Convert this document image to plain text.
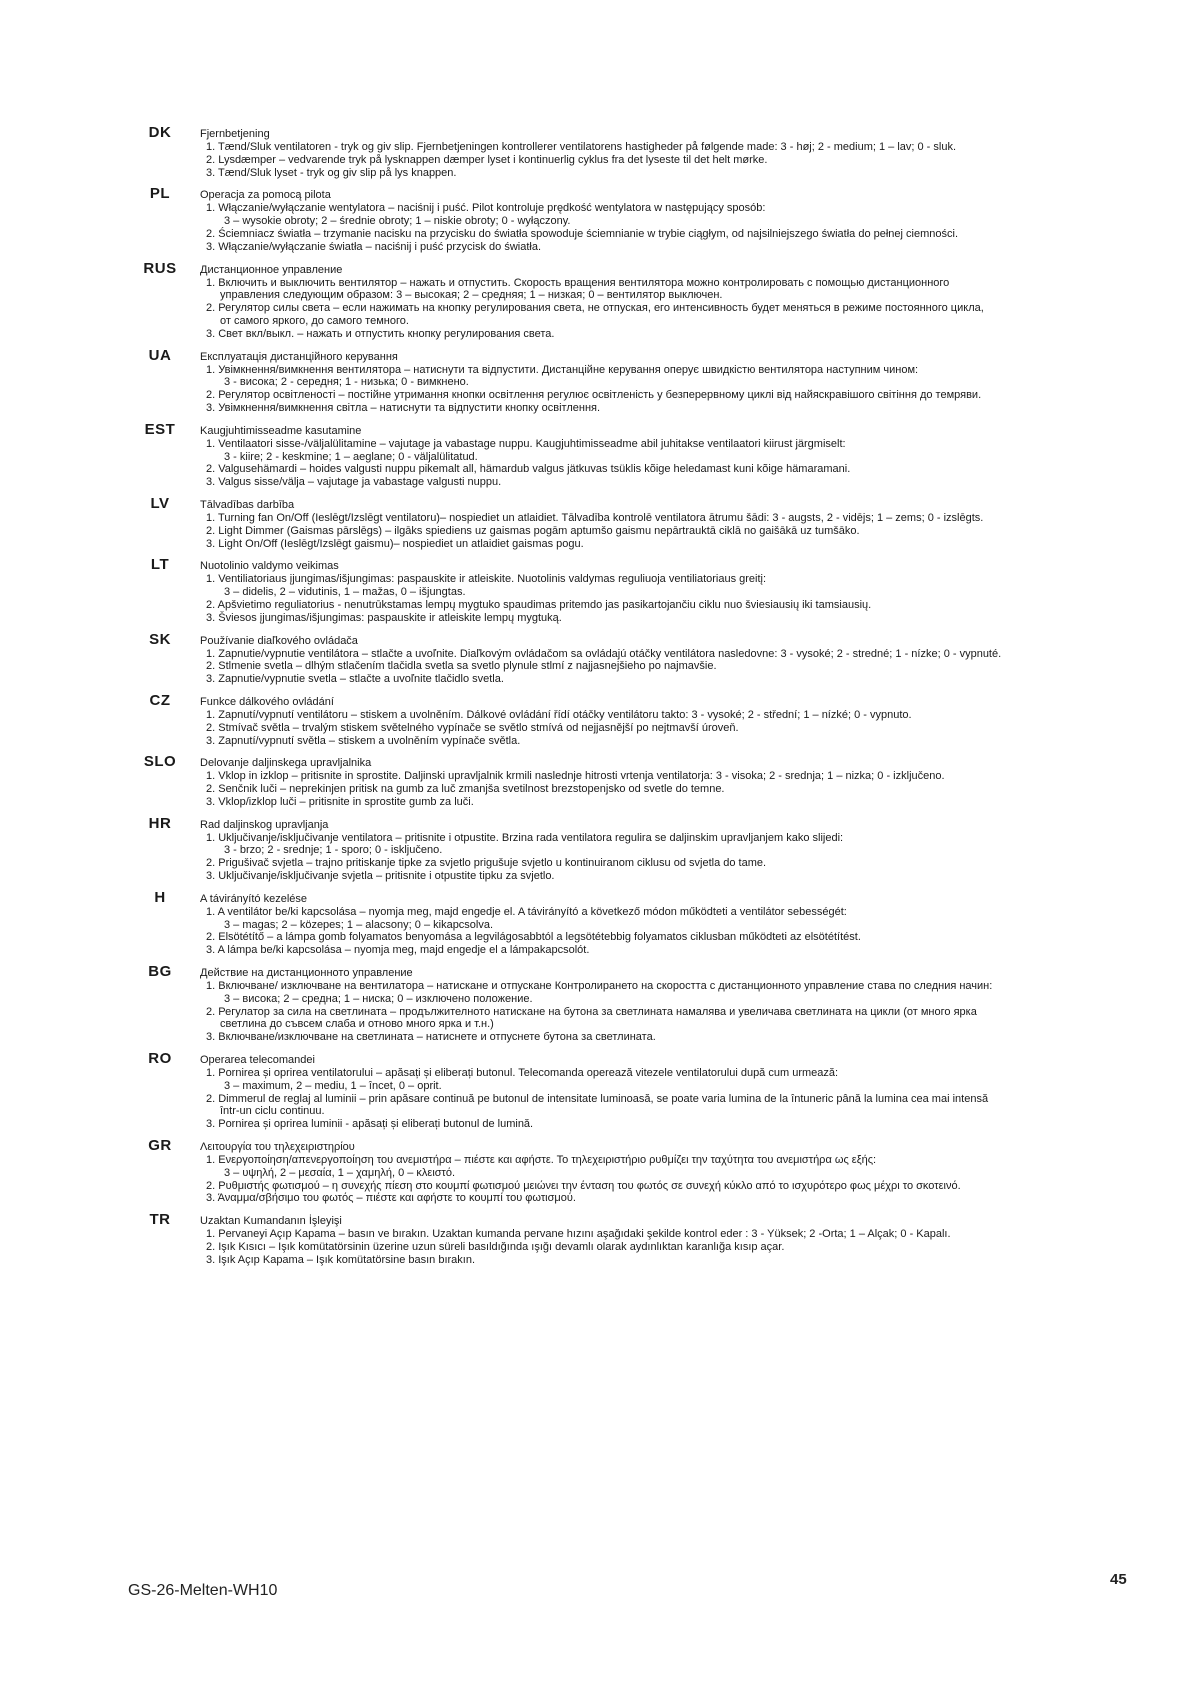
DK	Fjernbetjening
1. Tænd/Sluk ventilatoren - tryk og giv slip. Fjernbetjeningen kontrollerer ventilatorens hastigheder på følgende made: 3 - høj; 2 - medium; 1 – lav; 0 - sluk.
2. Lysdæmper – vedvarende tryk på lysknappen dæmper lyset i kontinuerlig cyklus fra det lyseste til det helt mørke.
3. Tænd/Sluk lyset - tryk og giv slip på lys knappen.
PL	Operacja za pomocą pilota
1. Włączanie/wyłączanie wentylatora – naciśnij i puść. Pilot kontroluje prędkość wentylatora w następujący sposób:
3 – wysokie obroty; 2 – średnie obroty; 1 – niskie obroty; 0 - wyłączony.
2. Ściemniacz światła – trzymanie nacisku na przycisku do światła spowoduje ściemnianie w trybie ciągłym, od najsilniejszego światła do pełnej ciemności.
3. Włączanie/wyłączanie światła – naciśnij i puść przycisk do światła.
RUS	Дистанционное управление
1. Включить и выключить вентилятор – нажать и отпустить. Скорость вращения вентилятора можно контролировать с помощью дистанционного
управления следующим образом: 3 – высокая; 2 – средняя; 1 – низкая; 0 – вентилятор выключен.
2. Регулятор силы света – если нажимать на кнопку регулирования света, не отпуская, его интенсивность будет меняться в режиме постоянного цикла,
от самого яркого, до самого темного.
3. Свет вкл/выкл. – нажать и отпустить кнопку регулирования света.
UA	Експлуатація дистанційного керування
1. Увімкнення/вимкнення вентилятора – натиснути та відпустити. Дистанційне керування оперує швидкістю вентилятора наступним чином:
3 - висока; 2 - середня; 1 - низька; 0 - вимкнено.
2. Регулятор освітленості – постійне утримання кнопки освітлення регулює освітленість у безперервному циклі від найяскравішого світіння до темряви.
3. Увімкнення/вимкнення світла – натиснути та відпустити кнопку освітлення.
EST	Kaugjuhtimisseadme kasutamine
1. Ventilaatori sisse-/väljalülitamine – vajutage ja vabastage nuppu. Kaugjuhtimisseadme abil juhitakse ventilaatori kiirust järgmiselt:
3 - kiire; 2 - keskmine; 1 – aeglane; 0 - väljalülitatud.
2. Valgusehämardi – hoides valgusti nuppu pikemalt all, hämardub valgus jätkuvas tsüklis kõige heledamast kuni kõige hämaramani.
3. Valgus sisse/välja – vajutage ja vabastage valgusti nuppu.
LV	Tālvadības darbība
1. Turning fan On/Off (Ieslēgt/Izslēgt ventilatoru)– nospiediet un atlaidiet. Tālvadība kontrolē ventilatora ātrumu šādi: 3 - augsts, 2 - vidējs; 1 – zems; 0 - izslēgts.
2. Light Dimmer (Gaismas pārslēgs) – ilgāks spiediens uz gaismas pogām aptumšo gaismu nepārtrauktā ciklā no gaišākā uz tumšāko.
3. Light On/Off (Ieslēgt/Izslēgt gaismu)– nospiediet un atlaidiet gaismas pogu.
LT	Nuotolinio valdymo veikimas
1. Ventiliatoriaus įjungimas/išjungimas: paspauskite ir atleiskite. Nuotolinis valdymas reguliuoja ventiliatoriaus greitį:
3 – didelis, 2 – vidutinis, 1 – mažas, 0 – išjungtas.
2. Apšvietimo reguliatorius - nenutrūkstamas lempų mygtuko spaudimas pritemdo jas pasikartojančiu ciklu nuo šviesiausių iki tamsiausių.
3. Šviesos įjungimas/išjungimas: paspauskite ir atleiskite lempų mygtuką.
SK	Používanie diaľkového ovládača
1. Zapnutie/vypnutie ventilátora – stlačte a uvoľnite. Diaľkovým ovládačom sa ovládajú otáčky ventilátora nasledovne: 3 - vysoké; 2 - stredné; 1 - nízke; 0 - vypnuté.
2. Stlmenie svetla – dlhým stlačením tlačidla svetla sa svetlo plynule stlmí z najjasnejšieho po najmavšie.
3. Zapnutie/vypnutie svetla – stlačte a uvoľnite tlačidlo svetla.
CZ	Funkce dálkového ovládání
1. Zapnutí/vypnutí ventilátoru – stiskem a uvolněním. Dálkové ovládání řídí otáčky ventilátoru takto: 3 - vysoké; 2 - střední; 1 – nízké; 0 - vypnuto.
2. Stmívač světla – trvalým stiskem světelného vypínače se světlo stmívá od nejjasnější po nejtmavší úroveň.
3. Zapnutí/vypnutí světla – stiskem a uvolněním vypínače světla.
SLO	Delovanje daljinskega upravljalnika
1. Vklop in izklop – pritisnite in sprostite. Daljinski upravljalnik krmili naslednje hitrosti vrtenja ventilatorja: 3 - visoka; 2 - srednja; 1 – nizka; 0 - izključeno.
2. Senčnik luči – neprekinjen pritisk na gumb za luč zmanjša svetilnost brezstopenjsko od svetle do temne.
3. Vklop/izklop luči – pritisnite in sprostite gumb za luči.
HR	Rad daljinskog upravljanja
1. Uključivanje/isključivanje ventilatora – pritisnite i otpustite. Brzina rada ventilatora regulira se daljinskim upravljanjem kako slijedi:
3 - brzo; 2 - srednje; 1 - sporo; 0 - isključeno.
2. Prigušivač svjetla – trajno pritiskanje tipke za svjetlo prigušuje svjetlo u kontinuiranom ciklusu od svjetla do tame.
3. Uključivanje/isključivanje svjetla – pritisnite i otpustite tipku za svjetlo.
H	A távirányító kezelése
1. A ventilátor be/ki kapcsolása – nyomja meg, majd engedje el. A távirányító a következő módon működteti a ventilátor sebességét:
3 – magas; 2 – közepes; 1 – alacsony; 0 – kikapcsolva.
2. Elsötétítő – a lámpa gomb folyamatos benyomása a legvilágosabbtól a legsötétebbig folyamatos ciklusban működteti az elsötétítést.
3. A lámpa be/ki kapcsolása – nyomja meg, majd engedje el a lámpakapcsolót.
BG	Действие на дистанционното управление
1. Включване/ изключване на вентилатора – натискане и отпускане Контролирането на скоростта с дистанционното управление става по следния начин:
3 – висока; 2 – средна; 1 – ниска; 0 – изключено положение.
2. Регулатор за сила на светлината – продължителното натискане на бутона за светлината намалява и увеличава светлината на цикли (от много ярка
светлина до съвсем слаба и отново много ярка и т.н.)
3. Включване/изключване на светлината – натиснете и отпуснете бутона за светлината.
RO	Operarea telecomandei
1. Pornirea și oprirea ventilatorului – apăsați și eliberați butonul. Telecomanda operează vitezele ventilatorului după cum urmează:
3 – maximum, 2 – mediu, 1 – încet, 0 – oprit.
2. Dimmerul de reglaj al luminii – prin apăsare continuă pe butonul de intensitate luminoasă, se poate varia lumina de la întuneric până la lumina cea mai intensă
într-un ciclu continuu.
3. Pornirea și oprirea luminii - apăsați și eliberați butonul de lumină.
GR	Λειτουργία του τηλεχειριστηρίου
1. Ενεργοποίηση/απενεργοποίηση του ανεμιστήρα – πιέστε και αφήστε. Το τηλεχειριστήριο ρυθμίζει την ταχύτητα του ανεμιστήρα ως εξής:
3 – υψηλή, 2 – μεσαία, 1 – χαμηλή, 0 – κλειστό.
2. Ρυθμιστής φωτισμού – η συνεχής πίεση στο κουμπί φωτισμού μειώνει την ένταση του φωτός σε συνεχή κύκλο από το ισχυρότερο φως μέχρι το σκοτεινό.
3. Άναμμα/σβήσιμο του φωτός – πιέστε και αφήστε το κουμπί του φωτισμού.
TR	Uzaktan Kumandanın İşleyişi
1. Pervaneyi Açıp Kapama – basın ve bırakın. Uzaktan kumanda pervane hızını aşağıdaki şekilde kontrol eder : 3 - Yüksek; 2 -Orta; 1 – Alçak; 0 - Kapalı.
2. Işık Kısıcı – Işık komütatörsinin üzerine uzun süreli basıldığında ışığı devamlı olarak aydınlıktan karanlığa kısıp açar.
3. Işık Açıp Kapama – Işık komütatörsine basın bırakın.
GS-26-Melten-WH10
45
